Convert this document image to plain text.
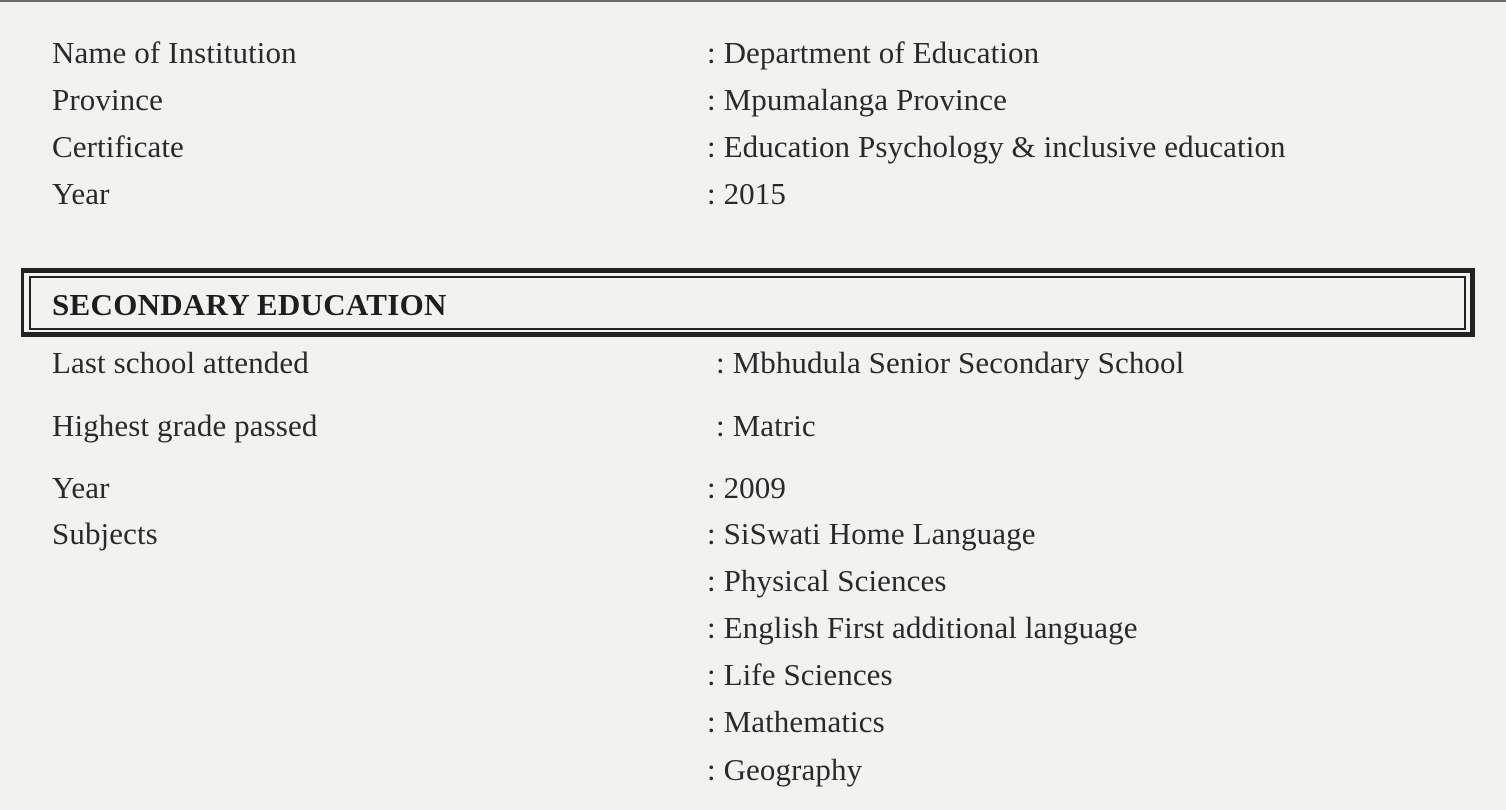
Name of Institution	: Department of Education
Province	: Mpumalanga Province
Certificate	: Education Psychology & inclusive education
Year	: 2015
SECONDARY EDUCATION
Last school attended	: Mbhudula Senior Secondary School
Highest grade passed	: Matric
Year	: 2009
Subjects	: SiSwati Home Language
: Physical Sciences
: English First additional language
: Life Sciences
: Mathematics
: Geography
